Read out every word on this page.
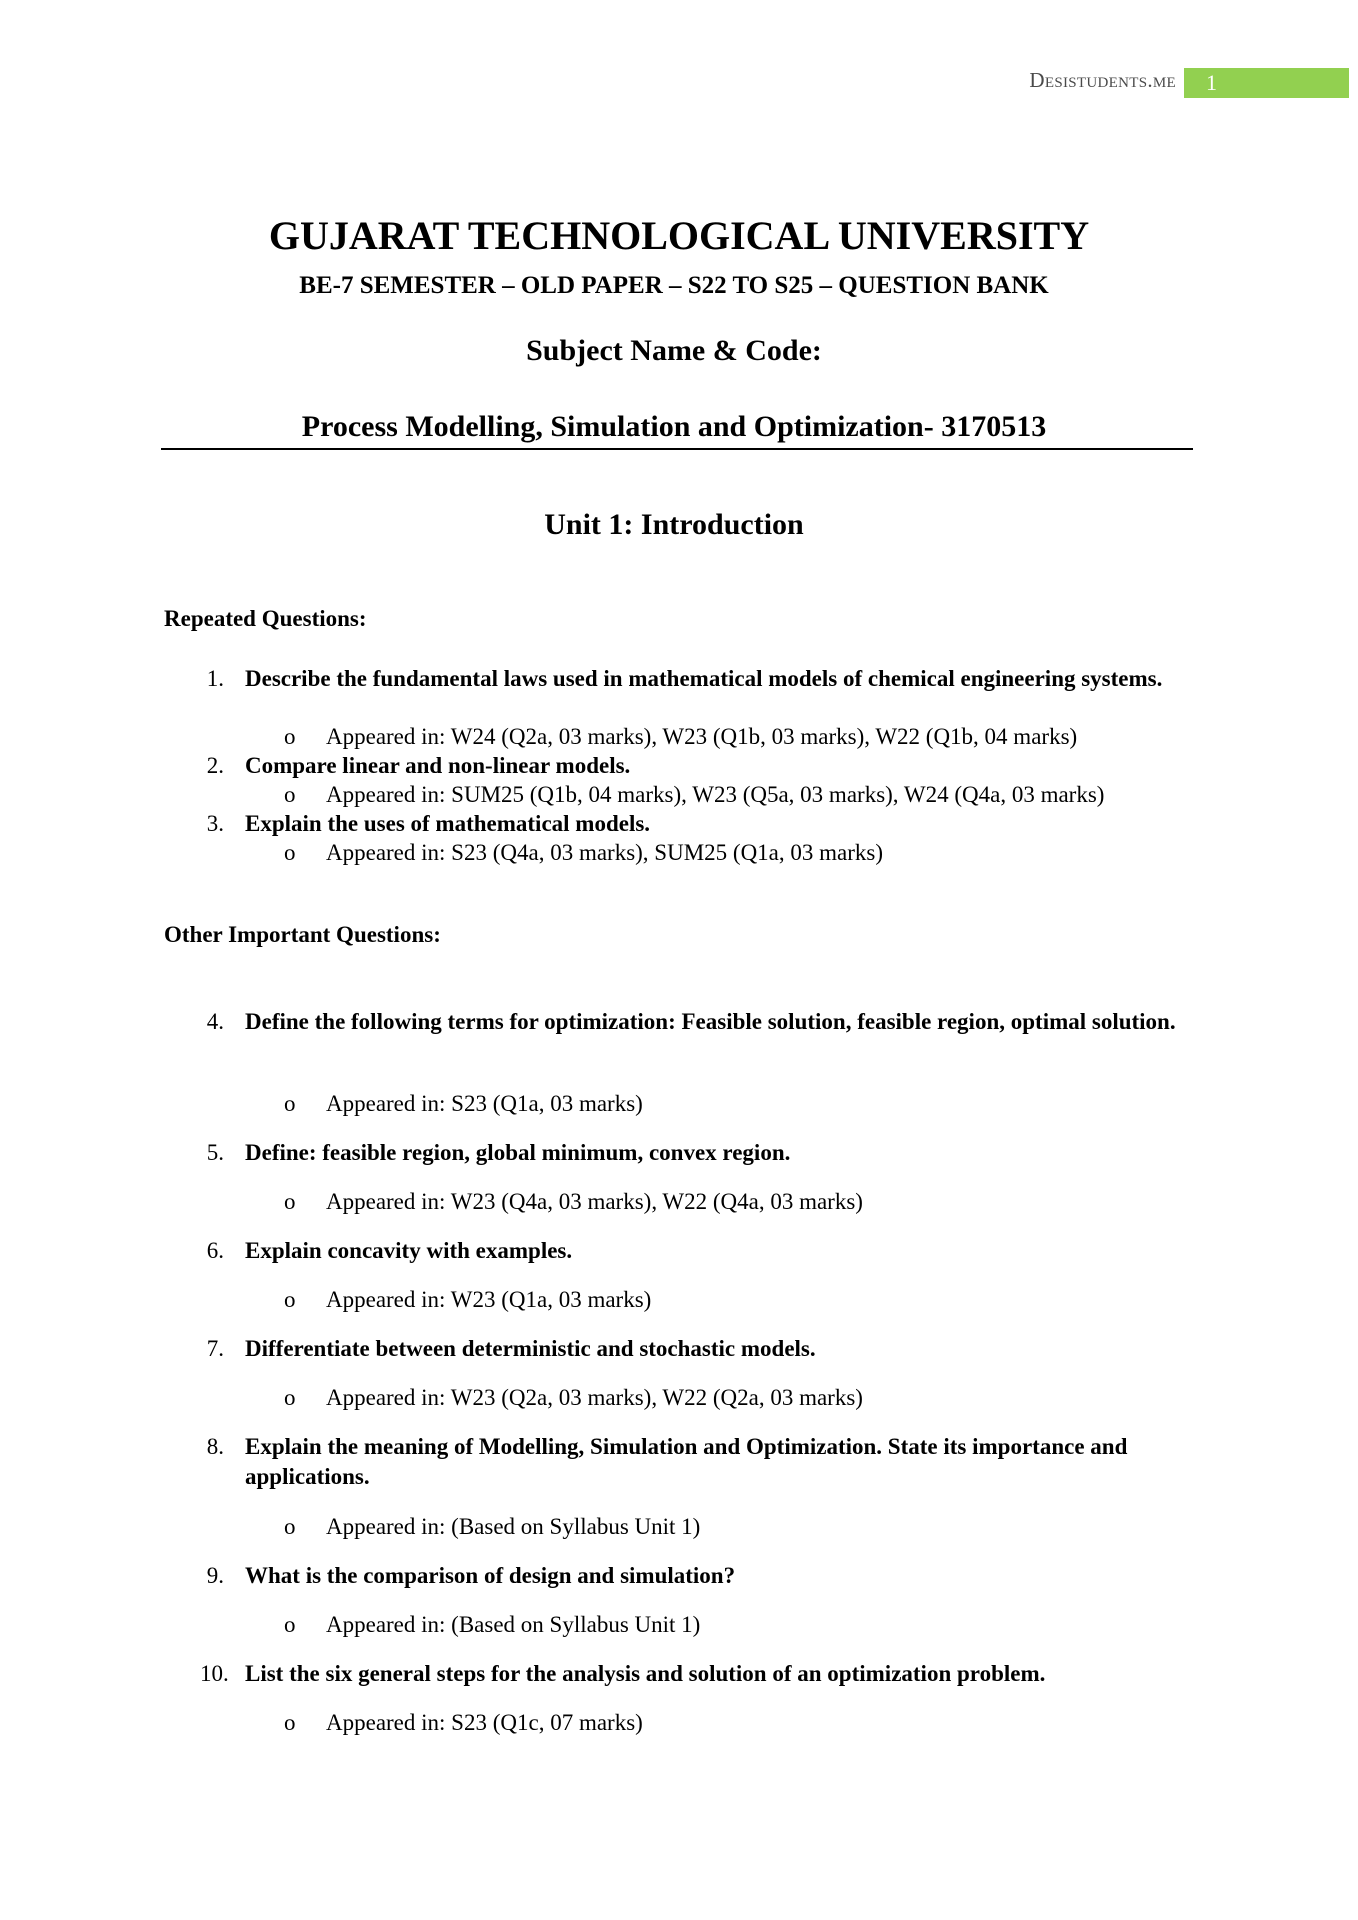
Desistudents.me	1
GUJARAT TECHNOLOGICAL UNIVERSITY
BE-7 SEMESTER – OLD PAPER – S22 TO S25 – QUESTION BANK
Subject Name & Code:
Process Modelling, Simulation and Optimization- 3170513
Unit 1: Introduction
Repeated Questions:
1. Describe the fundamental laws used in mathematical models of chemical engineering systems.
o Appeared in: W24 (Q2a, 03 marks), W23 (Q1b, 03 marks), W22 (Q1b, 04 marks)
2. Compare linear and non-linear models.
o Appeared in: SUM25 (Q1b, 04 marks), W23 (Q5a, 03 marks), W24 (Q4a, 03 marks)
3. Explain the uses of mathematical models.
o Appeared in: S23 (Q4a, 03 marks), SUM25 (Q1a, 03 marks)
Other Important Questions:
4. Define the following terms for optimization: Feasible solution, feasible region, optimal solution.
o Appeared in: S23 (Q1a, 03 marks)
5. Define: feasible region, global minimum, convex region.
o Appeared in: W23 (Q4a, 03 marks), W22 (Q4a, 03 marks)
6. Explain concavity with examples.
o Appeared in: W23 (Q1a, 03 marks)
7. Differentiate between deterministic and stochastic models.
o Appeared in: W23 (Q2a, 03 marks), W22 (Q2a, 03 marks)
8. Explain the meaning of Modelling, Simulation and Optimization. State its importance and applications.
o Appeared in: (Based on Syllabus Unit 1)
9. What is the comparison of design and simulation?
o Appeared in: (Based on Syllabus Unit 1)
10. List the six general steps for the analysis and solution of an optimization problem.
o Appeared in: S23 (Q1c, 07 marks)
